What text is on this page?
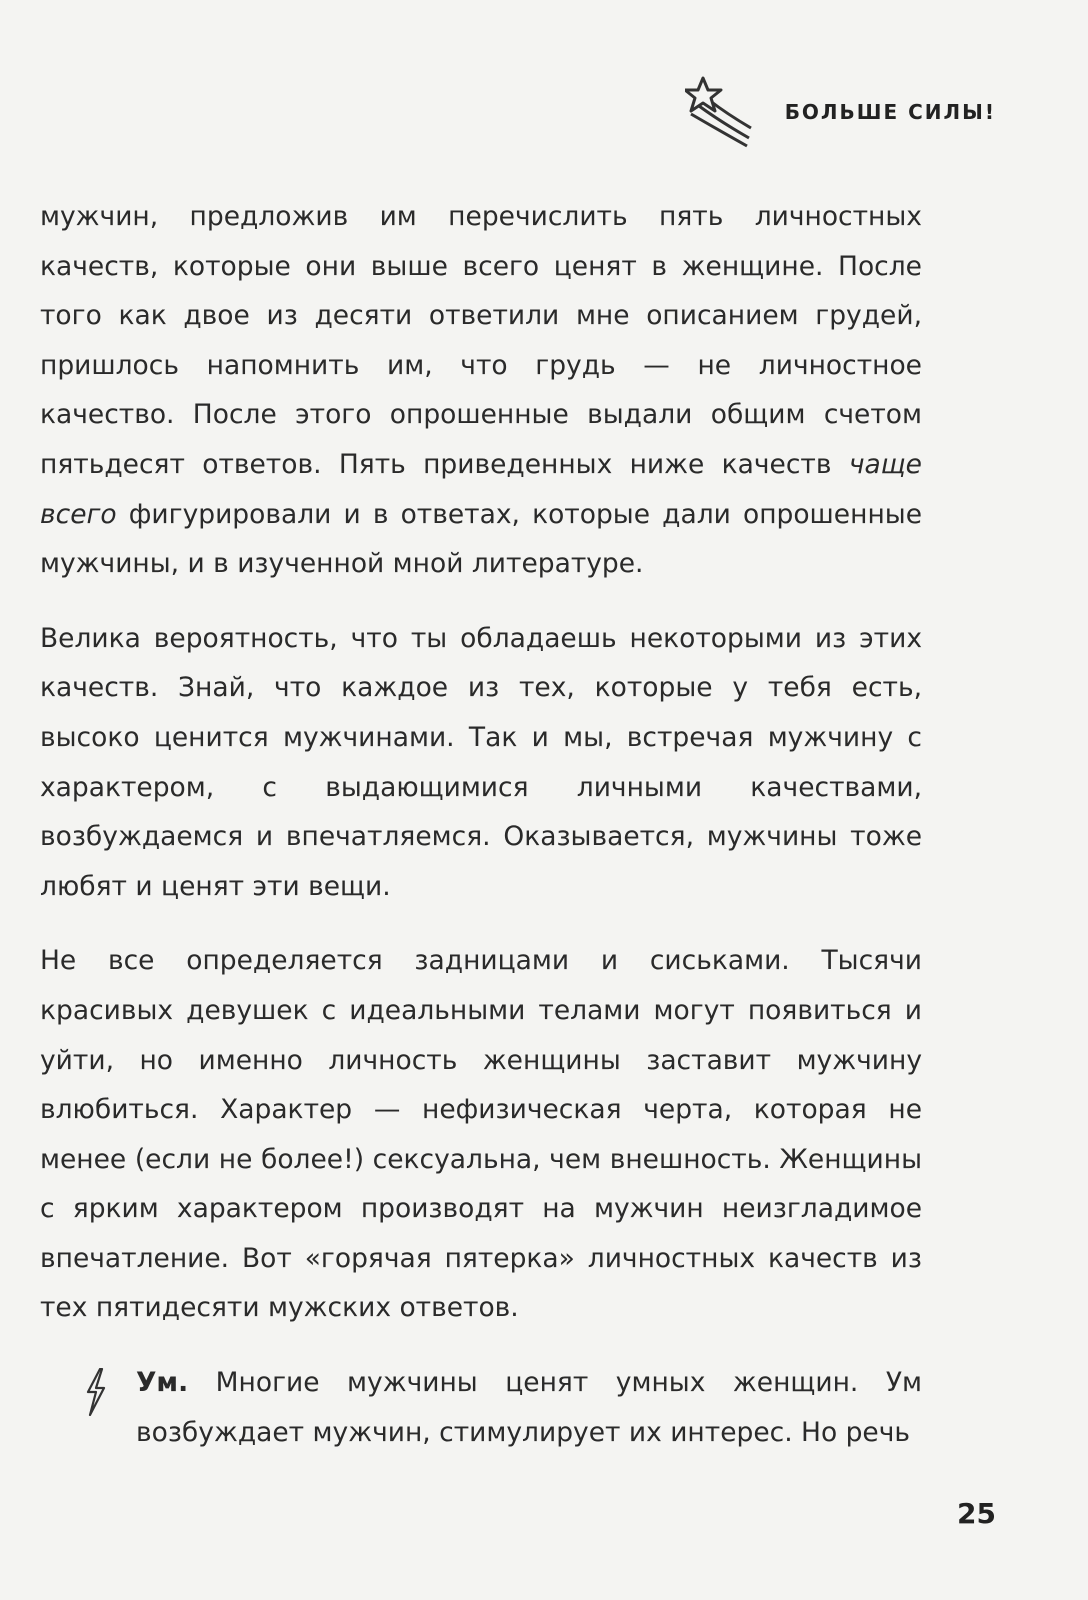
БОЛЬШЕ СИЛЫ!

мужчин, предложив им перечислить пять личностных качеств, которые они выше всего ценят в женщине. После того как двое из десяти ответили мне описанием грудей, пришлось напомнить им, что грудь — не личностное качество. После этого опрошенные выдали общим счетом пятьдесят ответов. Пять приведенных ниже качеств чаще всего фигурировали и в ответах, которые дали опрошенные мужчины, и в изученной мной литературе.

Велика вероятность, что ты обладаешь некоторыми из этих качеств. Знай, что каждое из тех, которые у тебя есть, высоко ценится мужчинами. Так и мы, встречая мужчину с характером, с выдающимися личными качествами, возбуждаемся и впечатляемся. Оказывается, мужчины тоже любят и ценят эти вещи.

Не все определяется задницами и сиськами. Тысячи красивых девушек с идеальными телами могут появиться и уйти, но именно личность женщины заставит мужчину влюбиться. Характер — нефизическая черта, которая не менее (если не более!) сексуальна, чем внешность. Женщины с ярким характером производят на мужчин неизгладимое впечатление. Вот «горячая пятерка» личностных качеств из тех пятидесяти мужских ответов.

Ум. Многие мужчины ценят умных женщин. Ум возбуждает мужчин, стимулирует их интерес. Но речь

25
